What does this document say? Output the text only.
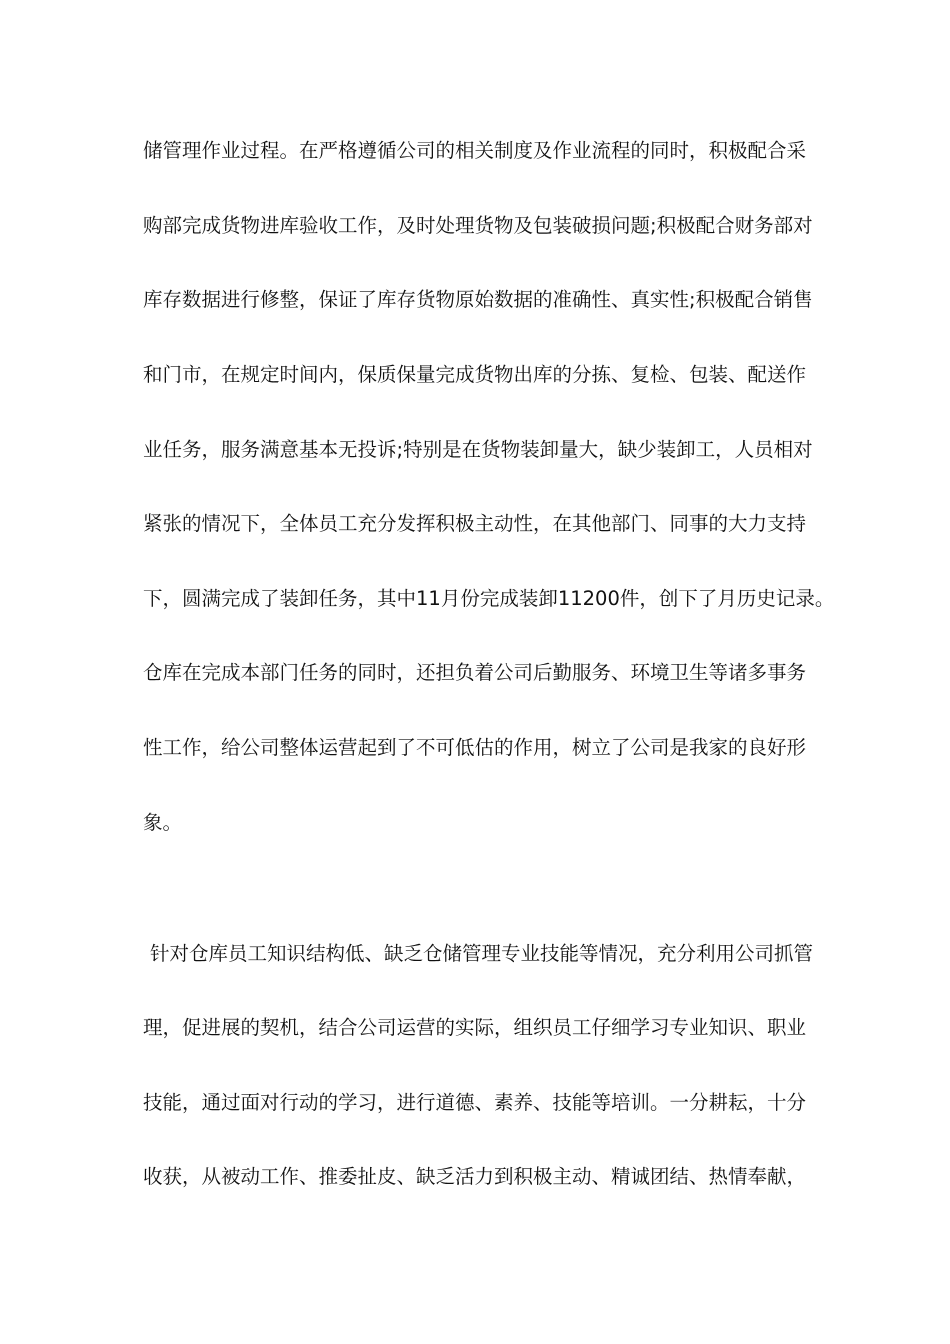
储管理作业过程。在严格遵循公司的相关制度及作业流程的同时，积极配合采
购部完成货物进库验收工作，及时处理货物及包装破损问题;积极配合财务部对
库存数据进行修整，保证了库存货物原始数据的准确性、真实性;积极配合销售
和门市，在规定时间内，保质保量完成货物出库的分拣、复检、包装、配送作
业任务，服务满意基本无投诉;特别是在货物装卸量大，缺少装卸工，人员相对
紧张的情况下，全体员工充分发挥积极主动性，在其他部门、同事的大力支持
下，圆满完成了装卸任务，其中11月份完成装卸11200件，创下了月历史记录。
仓库在完成本部门任务的同时，还担负着公司后勤服务、环境卫生等诸多事务
性工作，给公司整体运营起到了不可低估的作用，树立了公司是我家的良好形
象。
针对仓库员工知识结构低、缺乏仓储管理专业技能等情况，充分利用公司抓管
理，促进展的契机，结合公司运营的实际，组织员工仔细学习专业知识、职业
技能，通过面对行动的学习，进行道德、素养、技能等培训。一分耕耘，十分
收获，从被动工作、推委扯皮、缺乏活力到积极主动、精诚团结、热情奉献，
